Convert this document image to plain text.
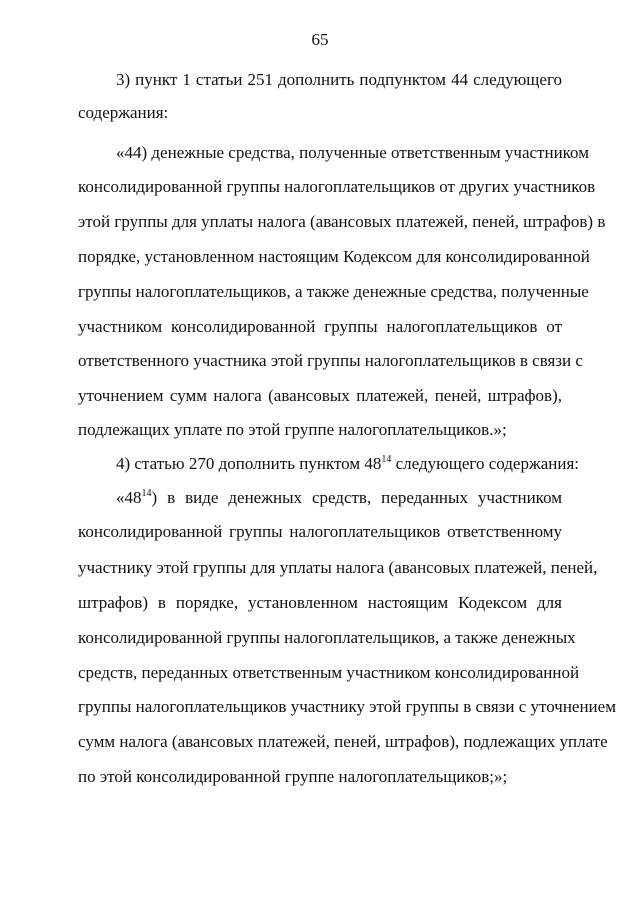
65
3) пункт 1 статьи 251 дополнить подпунктом 44 следующего
содержания:
«44) денежные средства, полученные ответственным участником
консолидированной группы налогоплательщиков от других участников
этой группы для уплаты налога (авансовых платежей, пеней, штрафов) в
порядке, установленном настоящим Кодексом для консолидированной
группы налогоплательщиков, а также денежные средства, полученные
участником консолидированной группы налогоплательщиков от
ответственного участника этой группы налогоплательщиков в связи с
уточнением сумм налога (авансовых платежей, пеней, штрафов),
подлежащих уплате по этой группе налогоплательщиков.»;
4) статью 270 дополнить пунктом $48^{14}$ следующего содержания:
«$48^{14}$) в виде денежных средств, переданных участником
консолидированной группы налогоплательщиков ответственному
участнику этой группы для уплаты налога (авансовых платежей, пеней,
штрафов) в порядке, установленном настоящим Кодексом для
консолидированной группы налогоплательщиков, а также денежных
средств, переданных ответственным участником консолидированной
группы налогоплательщиков участнику этой группы в связи с уточнением
сумм налога (авансовых платежей, пеней, штрафов), подлежащих уплате
по этой консолидированной группе налогоплательщиков;»;
